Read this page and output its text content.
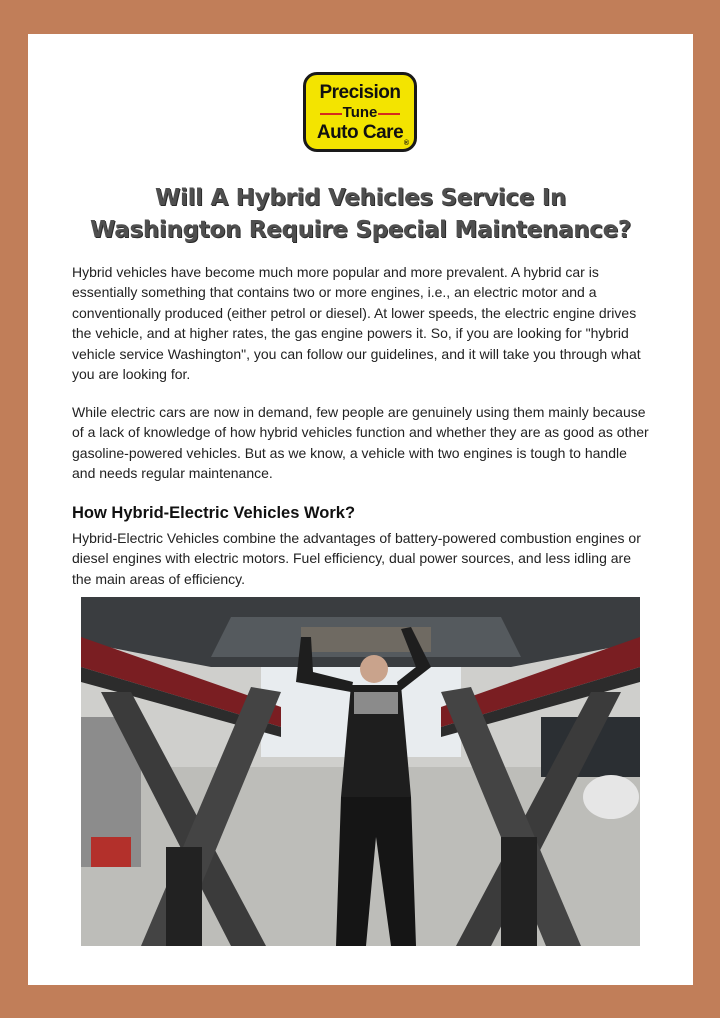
Precision
Tune
Auto Care
®
Will A Hybrid Vehicles Service In
Washington Require Special Maintenance?

Hybrid vehicles have become much more popular and more prevalent. A hybrid car is essentially something that contains two or more engines, i.e., an electric motor and a conventionally produced (either petrol or diesel). At lower speeds, the electric engine drives the vehicle, and at higher rates, the gas engine powers it. So, if you are looking for "hybrid vehicle service Washington", you can follow our guidelines, and it will take you through what you are looking for.

While electric cars are now in demand, few people are genuinely using them mainly because of a lack of knowledge of how hybrid vehicles function and whether they are as good as other gasoline-powered vehicles. But as we know, a vehicle with two engines is tough to handle and needs regular maintenance.

How Hybrid-Electric Vehicles Work?

Hybrid-Electric Vehicles combine the advantages of battery-powered combustion engines or diesel engines with electric motors. Fuel efficiency, dual power sources, and less idling are the main areas of efficiency.
